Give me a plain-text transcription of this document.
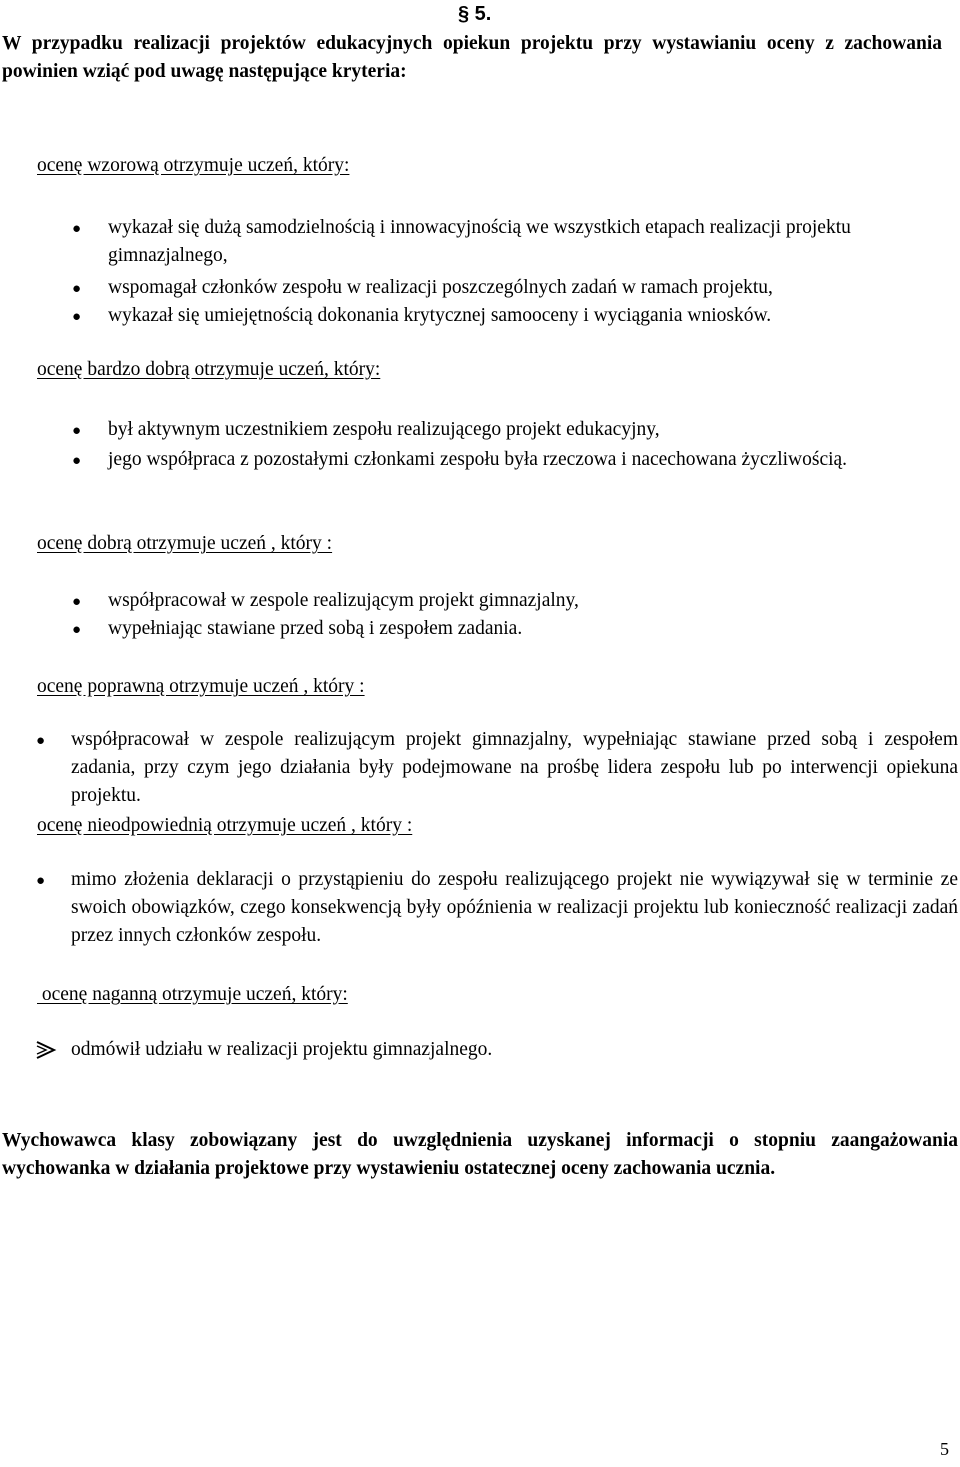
§ 5.
W przypadku realizacji projektów edukacyjnych opiekun projektu przy wystawianiu oceny z zachowania powinien wziąć pod uwagę następujące kryteria:
ocenę wzorową otrzymuje uczeń, który:
● wykazał się dużą samodzielnością i innowacyjnością we wszystkich etapach realizacji projektu gimnazjalnego,
● wspomagał członków zespołu w realizacji poszczególnych zadań w ramach projektu,
● wykazał się umiejętnością dokonania krytycznej samooceny i wyciągania wniosków.
ocenę bardzo dobrą otrzymuje uczeń, który:
● był aktywnym uczestnikiem zespołu realizującego projekt edukacyjny,
● jego współpraca z pozostałymi członkami zespołu była rzeczowa i nacechowana życzliwością.
ocenę dobrą otrzymuje uczeń , który :
● współpracował w zespole realizującym projekt gimnazjalny,
● wypełniając stawiane przed sobą i zespołem zadania.
ocenę poprawną otrzymuje uczeń , który :
● współpracował w zespole realizującym projekt gimnazjalny, wypełniając stawiane przed sobą i zespołem zadania, przy czym jego działania były podejmowane na prośbę lidera zespołu lub po interwencji opiekuna projektu.
ocenę nieodpowiednią otrzymuje uczeń , który :
● mimo złożenia deklaracji o przystąpieniu do zespołu realizującego projekt nie wywiązywał się w terminie ze swoich obowiązków, czego konsekwencją były opóźnienia w realizacji projektu lub konieczność realizacji zadań przez innych członków zespołu.
ocenę naganną otrzymuje uczeń, który:
odmówił udziału w realizacji projektu gimnazjalnego.
Wychowawca klasy zobowiązany jest do uwzględnienia uzyskanej informacji o stopniu zaangażowania wychowanka w działania projektowe przy wystawieniu ostatecznej oceny zachowania ucznia.
5
